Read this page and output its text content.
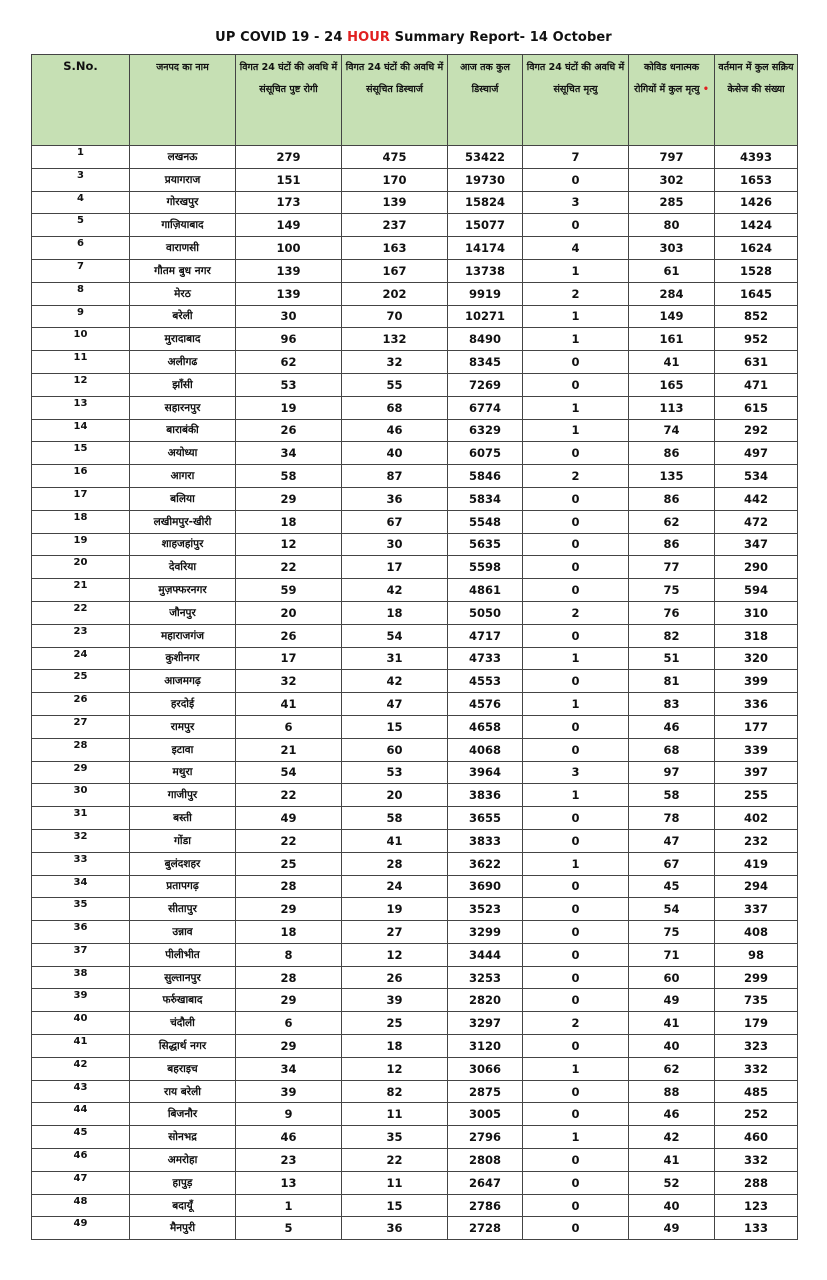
UP COVID 19 - 24 HOUR Summary Report- 14 October
S.No.	जनपद का नाम	विगत 24 घंटों की अवधि में संसूचित पुष्ट रोगी	विगत 24 घंटों की अवधि में संसूचित डिस्चार्ज	आज तक कुल डिस्चार्ज	विगत 24 घंटों की अवधि में संसूचित मृत्यु	कोविड धनात्मक रोगियों में कुल मृत्यु •	वर्तमान में कुल सक्रिय केसेज की संख्या
1	लखनऊ	279	475	53422	7	797	4393
3	प्रयागराज	151	170	19730	0	302	1653
4	गोरखपुर	173	139	15824	3	285	1426
5	गाज़ियाबाद	149	237	15077	0	80	1424
6	वाराणसी	100	163	14174	4	303	1624
7	गौतम बुध नगर	139	167	13738	1	61	1528
8	मेरठ	139	202	9919	2	284	1645
9	बरेली	30	70	10271	1	149	852
10	मुरादाबाद	96	132	8490	1	161	952
11	अलीगढ	62	32	8345	0	41	631
12	झाँसी	53	55	7269	0	165	471
13	सहारनपुर	19	68	6774	1	113	615
14	बाराबंकी	26	46	6329	1	74	292
15	अयोध्या	34	40	6075	0	86	497
16	आगरा	58	87	5846	2	135	534
17	बलिया	29	36	5834	0	86	442
18	लखीमपुर-खीरी	18	67	5548	0	62	472
19	शाहजहांपुर	12	30	5635	0	86	347
20	देवरिया	22	17	5598	0	77	290
21	मुज़फ्फरनगर	59	42	4861	0	75	594
22	जौनपुर	20	18	5050	2	76	310
23	महाराजगंज	26	54	4717	0	82	318
24	कुशीनगर	17	31	4733	1	51	320
25	आजमगढ़	32	42	4553	0	81	399
26	हरदोई	41	47	4576	1	83	336
27	रामपुर	6	15	4658	0	46	177
28	इटावा	21	60	4068	0	68	339
29	मथुरा	54	53	3964	3	97	397
30	गाजीपुर	22	20	3836	1	58	255
31	बस्ती	49	58	3655	0	78	402
32	गोंडा	22	41	3833	0	47	232
33	बुलंदशहर	25	28	3622	1	67	419
34	प्रतापगढ़	28	24	3690	0	45	294
35	सीतापुर	29	19	3523	0	54	337
36	उन्नाव	18	27	3299	0	75	408
37	पीलीभीत	8	12	3444	0	71	98
38	सुल्तानपुर	28	26	3253	0	60	299
39	फर्रुखाबाद	29	39	2820	0	49	735
40	चंदौली	6	25	3297	2	41	179
41	सिद्धार्थ नगर	29	18	3120	0	40	323
42	बहराइच	34	12	3066	1	62	332
43	राय बरेली	39	82	2875	0	88	485
44	बिजनौर	9	11	3005	0	46	252
45	सोनभद्र	46	35	2796	1	42	460
46	अमरोहा	23	22	2808	0	41	332
47	हापुड़	13	11	2647	0	52	288
48	बदायूँ	1	15	2786	0	40	123
49	मैनपुरी	5	36	2728	0	49	133
